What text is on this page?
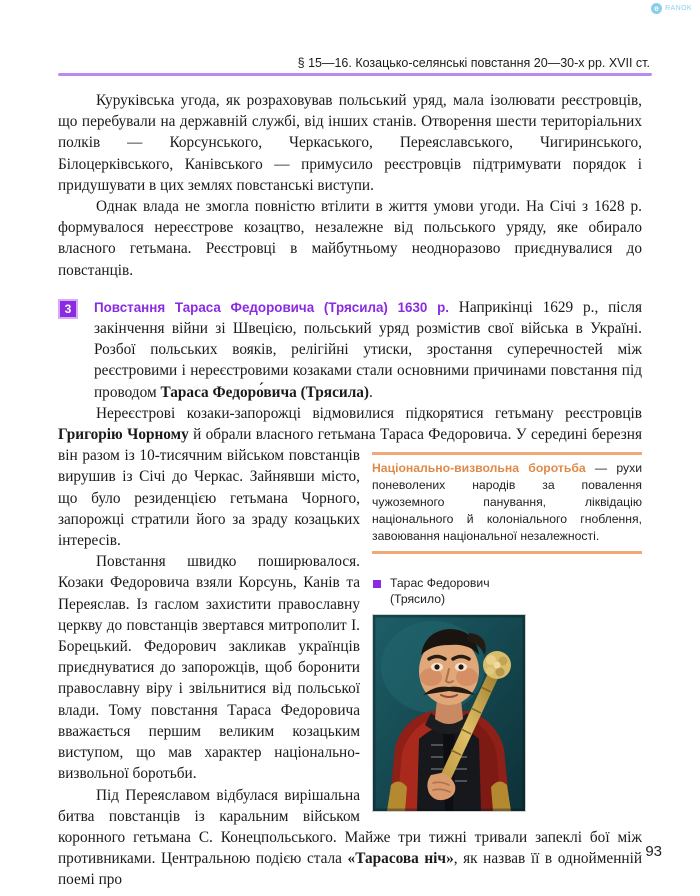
e RANOK
§ 15—16. Козацько-селянські повстання 20—30-х рр. XVII ст.
Національно-визвольна боротьба — рухи поневолених народів за повалення чужоземного панування, ліквідацію національного й колоніального гноблення, завоювання національної незалежності.
Тарас Федорович
(Трясило)

Куруківська угода, як розраховував польський уряд, мала ізолювати реєстровців, що перебували на державній службі, від інших станів. Отворення шести територіальних полків — Корсунського, Черкаського, Переяславського, Чигиринського, Білоцерківського, Канівського — примусило реєстровців підтримувати порядок і придушувати в цих землях повстанські виступи.

Однак влада не змогла повністю втілити в життя умови угоди. На Січі з 1628 р. формувалося нереєстрове козацтво, незалежне від польського уряду, яке обирало власного гетьмана. Реєстровці в майбутньому неодноразово приєднувалися до повстанців.

3	Повстання Тараса Федоровича (Трясила) 1630 р. Наприкінці 1629 р., після закінчення війни зі Швецією, польський уряд розмістив свої війська в Україні. Розбої польських вояків, релігійні утиски, зростання суперечностей між реєстровими і нереєстровими козаками стали основними причинами повстання під проводом Тараса Федоро́вича (Трясила).

Нереєстрові козаки-запорожці відмовилися підкорятися гетьману реєстровців Григорію Чорному й обрали власного гетьмана Тараса Федоровича. У середині березня він разом із 10-тисячним військом повстанців вирушив із Січі до Черкас. Зайнявши місто, що було резиденцією гетьмана Чорного, запорожці стратили його за зраду козацьких інтересів.

Повстання швидко поширювалося. Козаки Федоровича взяли Корсунь, Канів та Переяслав. Із гаслом захистити православну церкву до повстанців звертався митрополит І. Борецький. Федорович закликав українців приєднуватися до запорожців, щоб боронити православну віру і звільнитися від польської влади. Тому повстання Тараса Федоровича вважається першим великим козацьким виступом, що мав характер національно-визвольної боротьби.

Під Переяславом відбулася вирішальна битва повстанців із каральним військом коронного гетьмана С. Конецпольського. Майже три тижні тривали запеклі бої між противниками. Центральною подією стала «Тарасова ніч», як назвав її в однойменній поемі про

93
